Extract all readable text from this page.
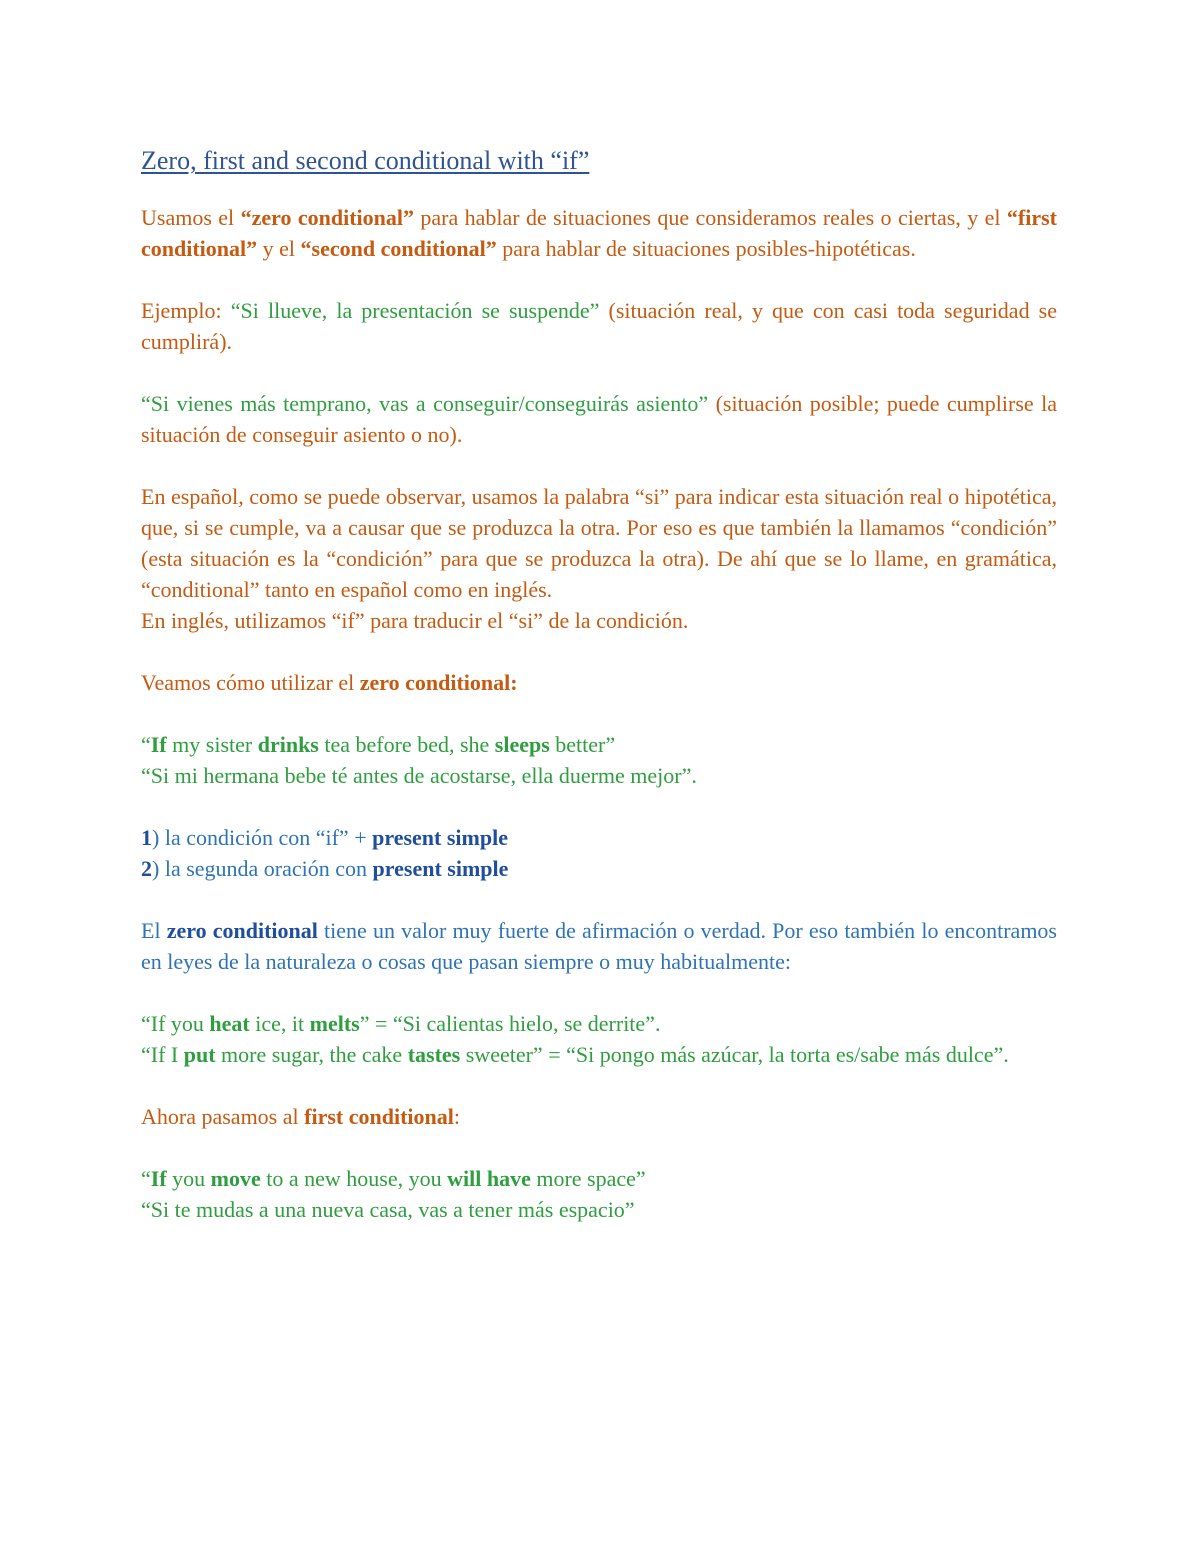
Zero, first and second conditional with “if”

Usamos el “zero conditional” para hablar de situaciones que consideramos reales o ciertas, y el “first conditional” y el “second conditional” para hablar de situaciones posibles-hipotéticas.

Ejemplo: “Si llueve, la presentación se suspende” (situación real, y que con casi toda seguridad se cumplirá).

“Si vienes más temprano, vas a conseguir/conseguirás asiento” (situación posible; puede cumplirse la situación de conseguir asiento o no).

En español, como se puede observar, usamos la palabra “si” para indicar esta situación real o hipotética, que, si se cumple, va a causar que se produzca la otra. Por eso es que también la llamamos “condición” (esta situación es la “condición” para que se produzca la otra). De ahí que se lo llame, en gramática, “conditional” tanto en español como en inglés.

En inglés, utilizamos “if” para traducir el “si” de la condición.

Veamos cómo utilizar el zero conditional:

“If my sister drinks tea before bed, she sleeps better”
“Si mi hermana bebe té antes de acostarse, ella duerme mejor”.

1) la condición con “if” + present simple
2) la segunda oración con present simple

El zero conditional tiene un valor muy fuerte de afirmación o verdad. Por eso también lo encontramos en leyes de la naturaleza o cosas que pasan siempre o muy habitualmente:

“If you heat ice, it melts” = “Si calientas hielo, se derrite”.
“If I put more sugar, the cake tastes sweeter” = “Si pongo más azúcar, la torta es/sabe más dulce”.

Ahora pasamos al first conditional:

“If you move to a new house, you will have more space”
“Si te mudas a una nueva casa, vas a tener más espacio”
